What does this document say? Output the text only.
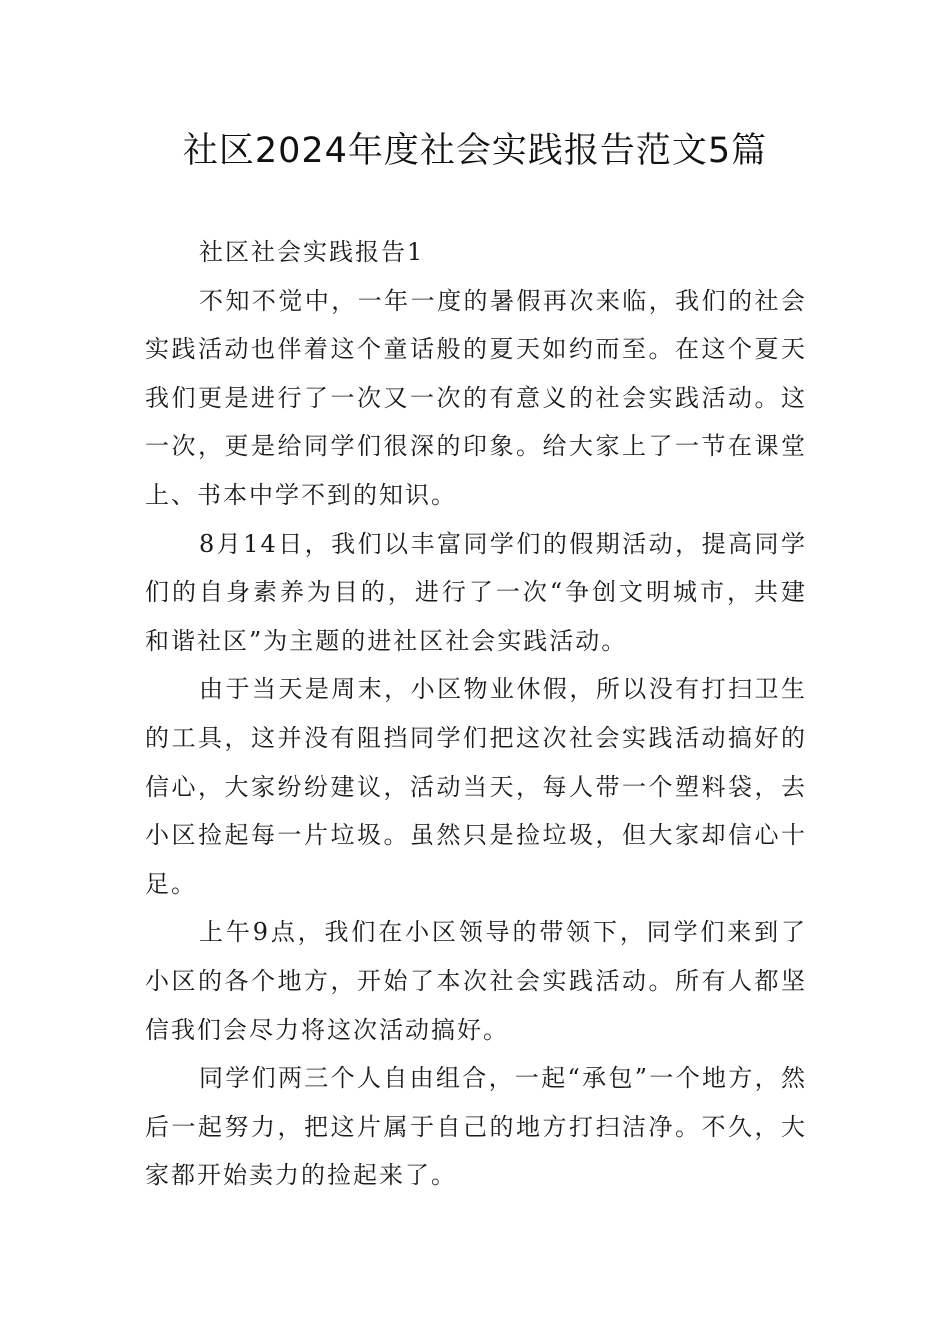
社区2024年度社会实践报告范文5篇

社区社会实践报告1

不知不觉中，一年一度的暑假再次来临，我们的社会实践活动也伴着这个童话般的夏天如约而至。在这个夏天我们更是进行了一次又一次的有意义的社会实践活动。这一次，更是给同学们很深的印象。给大家上了一节在课堂上、书本中学不到的知识。

8月14日，我们以丰富同学们的假期活动，提高同学们的自身素养为目的，进行了一次“争创文明城市，共建和谐社区”为主题的进社区社会实践活动。

由于当天是周末，小区物业休假，所以没有打扫卫生的工具，这并没有阻挡同学们把这次社会实践活动搞好的信心，大家纷纷建议，活动当天，每人带一个塑料袋，去小区捡起每一片垃圾。虽然只是捡垃圾，但大家却信心十足。

上午9点，我们在小区领导的带领下，同学们来到了小区的各个地方，开始了本次社会实践活动。所有人都坚信我们会尽力将这次活动搞好。

同学们两三个人自由组合，一起“承包”一个地方，然后一起努力，把这片属于自己的地方打扫洁净。不久，大家都开始卖力的捡起来了。
